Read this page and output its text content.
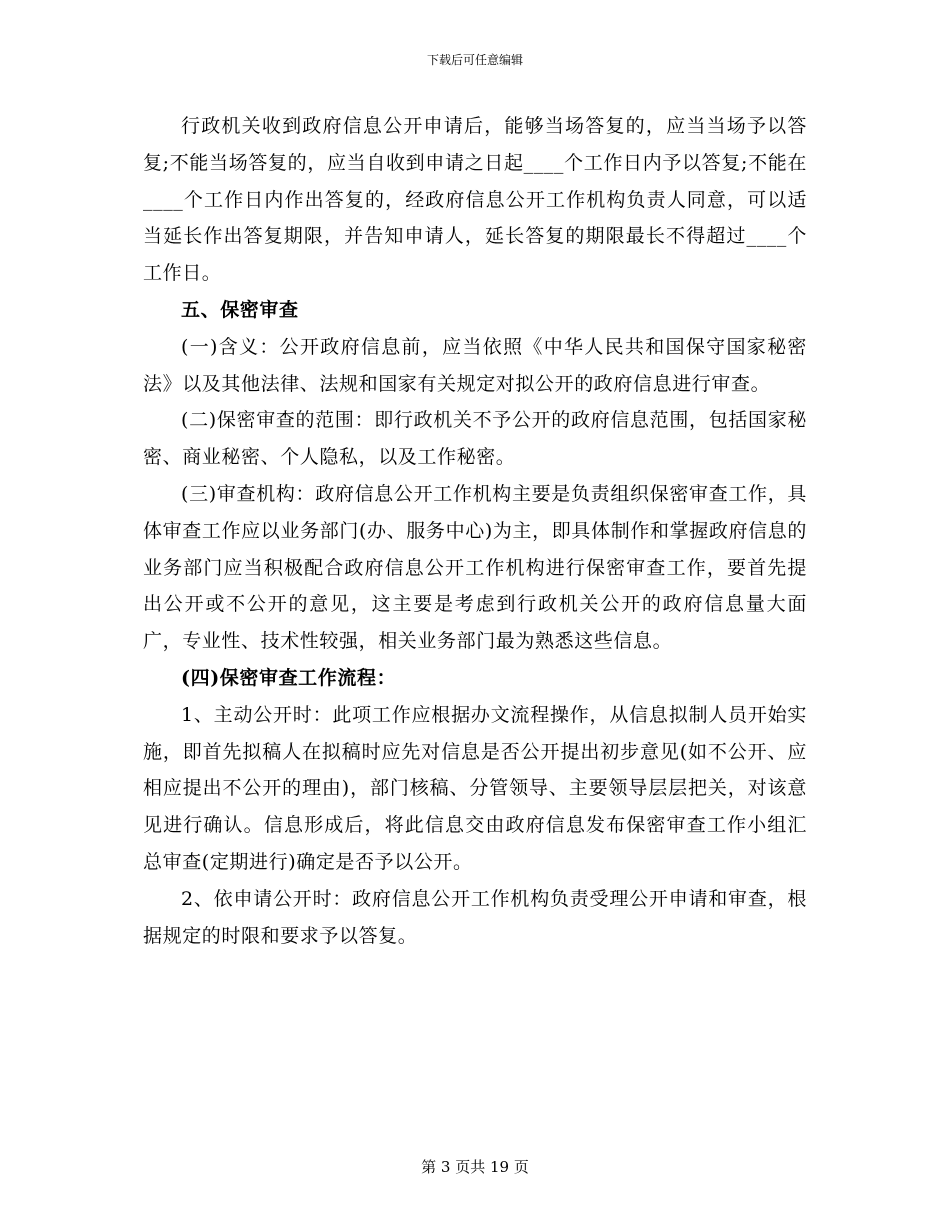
下载后可任意编辑

行政机关收到政府信息公开申请后，能够当场答复的，应当当场予以答复;不能当场答复的，应当自收到申请之日起____个工作日内予以答复;不能在____个工作日内作出答复的，经政府信息公开工作机构负责人同意，可以适当延长作出答复期限，并告知申请人，延长答复的期限最长不得超过____个工作日。

五、保密审查

(一)含义：公开政府信息前，应当依照《中华人民共和国保守国家秘密法》以及其他法律、法规和国家有关规定对拟公开的政府信息进行审查。

(二)保密审查的范围：即行政机关不予公开的政府信息范围，包括国家秘密、商业秘密、个人隐私，以及工作秘密。

(三)审查机构：政府信息公开工作机构主要是负责组织保密审查工作，具体审查工作应以业务部门(办、服务中心)为主，即具体制作和掌握政府信息的业务部门应当积极配合政府信息公开工作机构进行保密审查工作，要首先提出公开或不公开的意见，这主要是考虑到行政机关公开的政府信息量大面广，专业性、技术性较强，相关业务部门最为熟悉这些信息。

(四)保密审查工作流程：

1、主动公开时：此项工作应根据办文流程操作，从信息拟制人员开始实施，即首先拟稿人在拟稿时应先对信息是否公开提出初步意见(如不公开、应相应提出不公开的理由)，部门核稿、分管领导、主要领导层层把关，对该意见进行确认。信息形成后，将此信息交由政府信息发布保密审查工作小组汇总审查(定期进行)确定是否予以公开。

2、依申请公开时：政府信息公开工作机构负责受理公开申请和审查，根据规定的时限和要求予以答复。

第 3 页共 19 页
